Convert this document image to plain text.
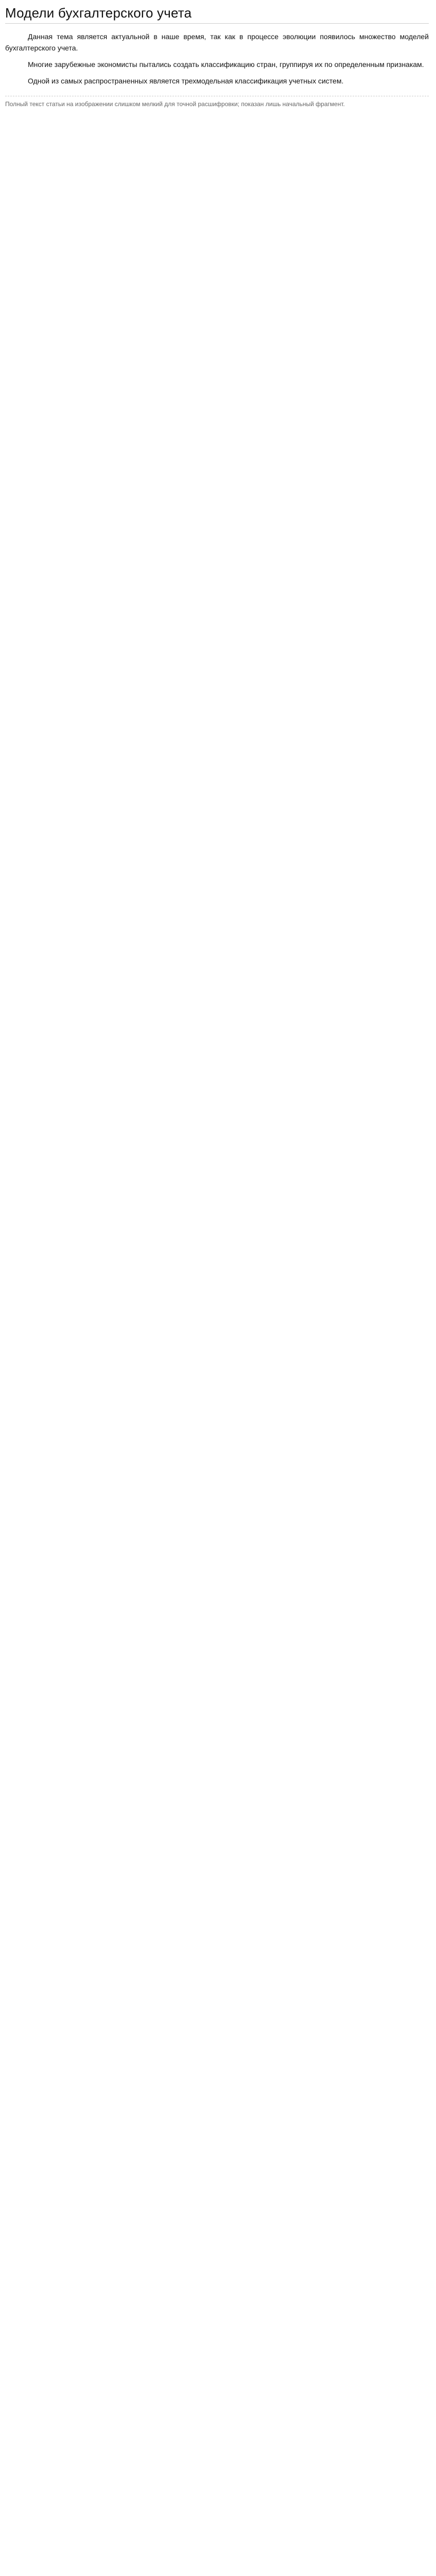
Модели бухгалтерского учета

Данная тема является актуальной в наше время, так как в процессе эволюции появилось множество моделей бухгалтерского учета.

Многие зарубежные экономисты пытались создать классификацию стран, группируя их по определенным признакам.

Одной из самых распространенных является трехмодельная классификация учетных систем.

Полный текст статьи на изображении слишком мелкий для точной расшифровки; показан лишь начальный фрагмент.
